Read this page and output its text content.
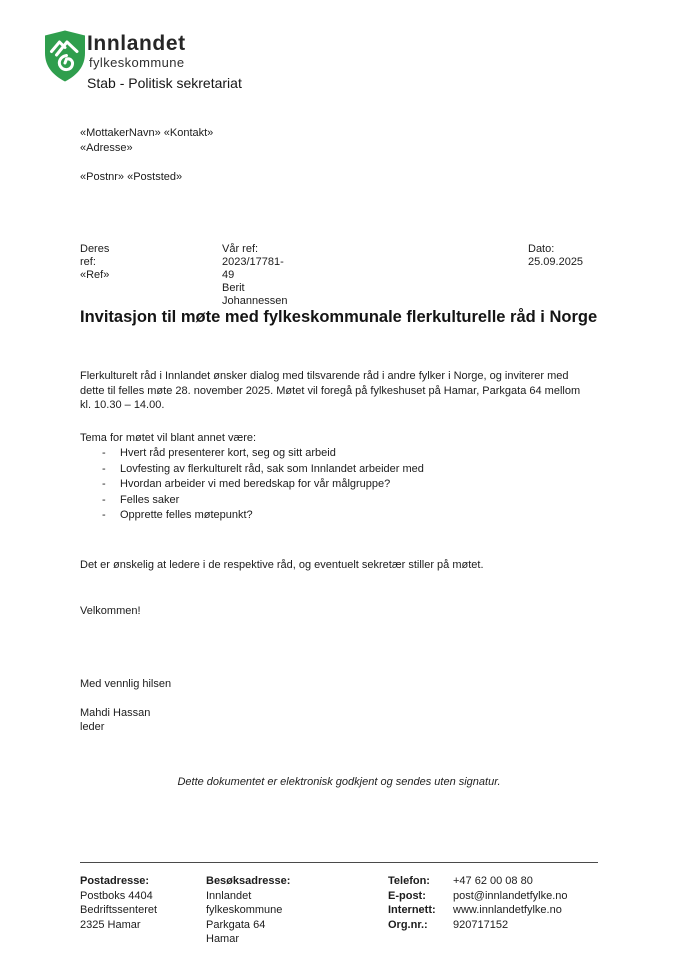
Innlandet
fylkeskommune
Stab - Politisk sekretariat
«MottakerNavn» «Kontakt»
«Adresse»
«Postnr» «Poststed»
Deres ref:
«Ref»
Vår ref:
2023/17781-49
Berit Johannessen
Dato:
25.09.2025
Invitasjon til møte med fylkeskommunale flerkulturelle råd i Norge

Flerkulturelt råd i Innlandet ønsker dialog med tilsvarende råd i andre fylker i Norge, og inviterer med dette til felles møte 28. november 2025. Møtet vil foregå på fylkeshuset på Hamar, Parkgata 64 mellom kl. 10.30 – 14.00.

Tema for møtet vil blant annet være:
-	Hvert råd presenterer kort, seg og sitt arbeid
-	Lovfesting av flerkulturelt råd, sak som Innlandet arbeider med
-	Hvordan arbeider vi med beredskap for vår målgruppe?
-	Felles saker
-	Opprette felles møtepunkt?

Det er ønskelig at ledere i de respektive råd, og eventuelt sekretær stiller på møtet.

Velkommen!
Med vennlig hilsen
Mahdi Hassan
leder
Dette dokumentet er elektronisk godkjent og sendes uten signatur.
Postadresse:
Postboks 4404
Bedriftssenteret
2325 Hamar
Besøksadresse:
Innlandet fylkeskommune
Parkgata 64
Hamar
Telefon:	+47 62 00 08 80
E-post:	post@innlandetfylke.no
Internett:	www.innlandetfylke.no
Org.nr.:	920717152
